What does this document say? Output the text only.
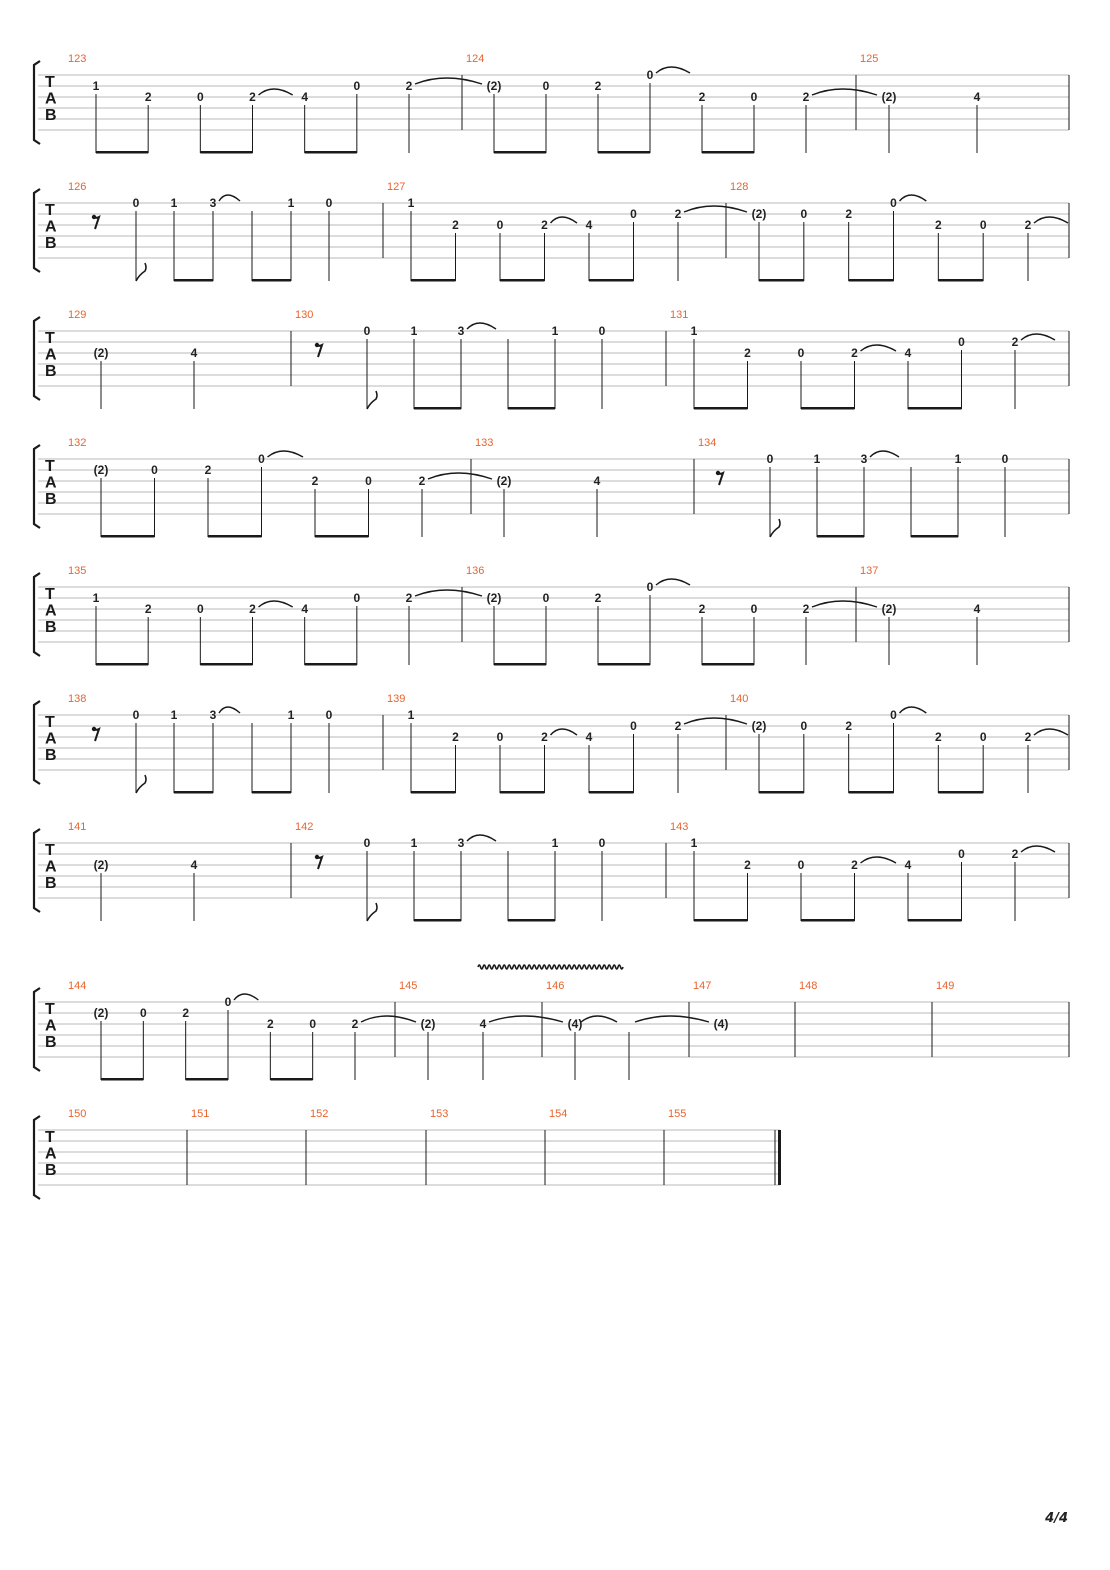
T
A
B
123
1
2	0	2	4
0	2
124
(2)	0	2
0
2	0	2
125
(2)	4
T
A
B
126
0	1	3	1	0
127
1
2	0	2	4
0	2
128
(2)	0	2
0
2	0	2
T
A
B
129
(2)	4
130
0	1	3	1	0
131
1
2	0	2	4
0	2
T
A
B
132
(2)	0	2
0
2	0	2
133
(2)	4
134
0	1	3	1	0
T
A
B
135
1
2	0	2	4
0	2
136
(2)	0	2
0
2	0	2
137
(2)	4
T
A
B
138
0	1	3	1	0
139
1
2	0	2	4
0	2
140
(2)	0	2
0
2	0	2
T
A
B
141
(2)	4
142
0	1	3	1	0
143
1
2	0	2	4
0	2
T
A
B
144
(2)	0	2
0
2	0	2
145
(2)	4
146
(4)
147
(4)
148	149
T
A
B
150	151	152	153	154	155
4/4
